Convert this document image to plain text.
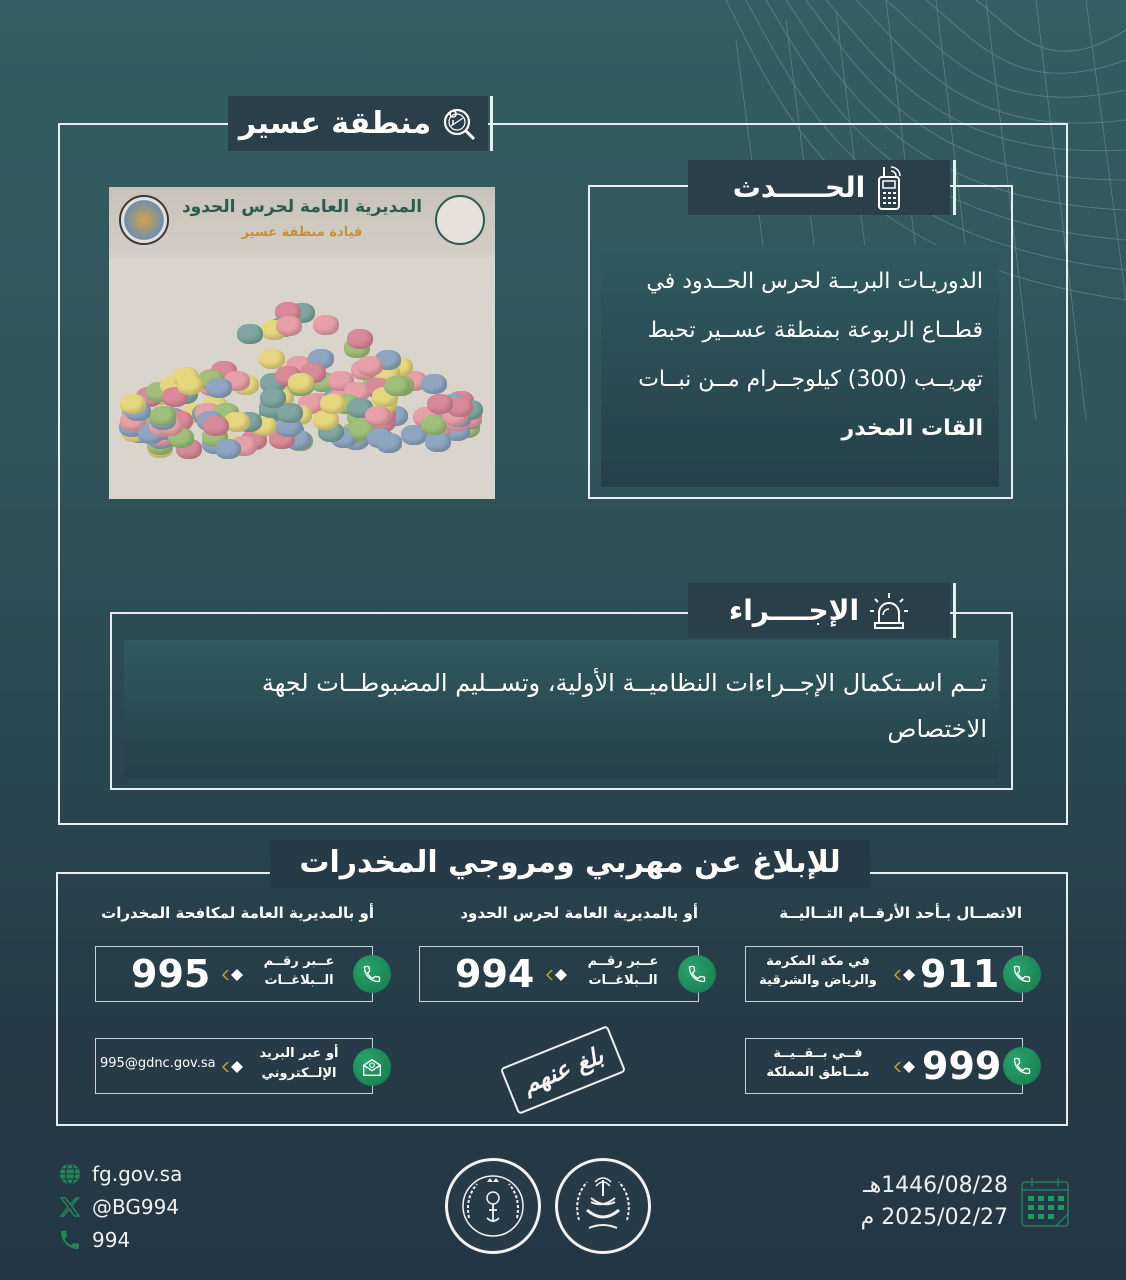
منطقة عسير
المديرية العامة لحرس الحدود
قيادة منطقة عسير
الحـــــدث
الدوريـات البريــة لحرس الحــدود في
قطــاع الربوعة بمنطقة عســير تحبط
تهريــب (300) كيلوجــرام مــن نبــات
القات المخدر
الإجــــراء
تــم اســتكمال الإجــراءات النظاميــة الأولية، وتســليم المضبوطــات لجهة
الاختصاص
للإبلاغ عن مهربي ومروجي المخدرات
الاتصــال بـأحد الأرقــام التــاليــة
أو بالمديرية العامة لحرس الحدود
أو بالمديرية العامة لمكافحة المخدرات
911
في مكة المكرمة
والرياض والشرقية
999
فــي بــقــيــة
منــاطق المملكة
عــبر رقــم
الــبلاغــات
994
عــبر رقــم
الــبلاغــات
995
أو عبر البريد
الإلــكتروني
995@gdnc.gov.sa	بلغ عنهم
fg.gov.sa
@BG994
994
1446/08/28هـ
2025/02/27 م
